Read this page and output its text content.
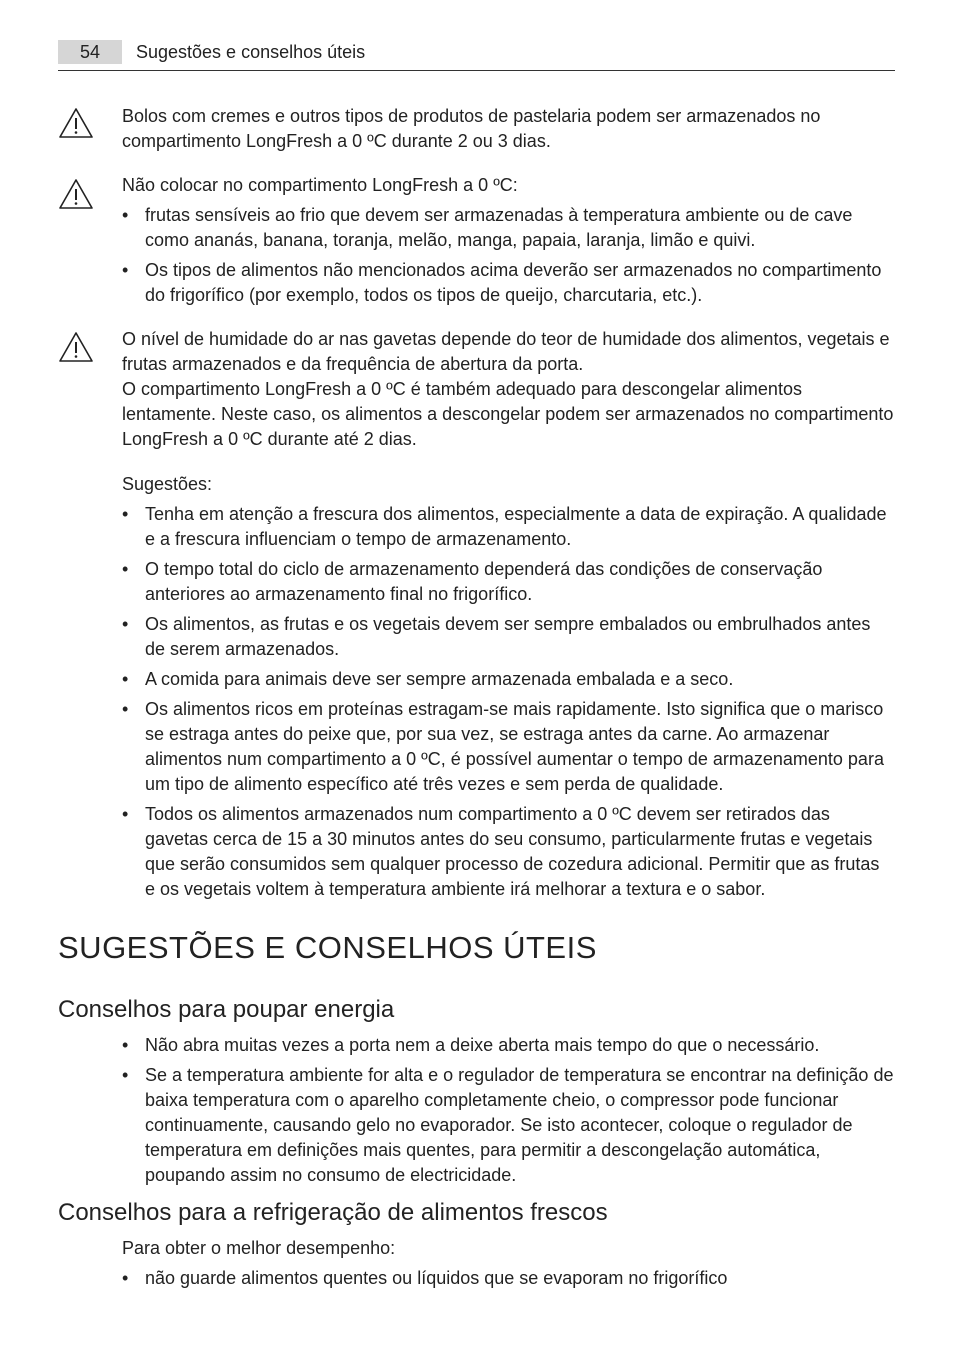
54	Sugestões e conselhos úteis

Bolos com cremes e outros tipos de produtos de pastelaria podem ser armazenados no compartimento LongFresh a 0 ºC durante 2 ou 3 dias.

Não colocar no compartimento LongFresh a 0 ºC:

• frutas sensíveis ao frio que devem ser armazenadas à temperatura ambiente ou de cave como ananás, banana, toranja, melão, manga, papaia, laranja, limão e quivi.
• Os tipos de alimentos não mencionados acima deverão ser armazenados no compartimento do frigorífico (por exemplo, todos os tipos de queijo, charcutaria, etc.).

O nível de humidade do ar nas gavetas depende do teor de humidade dos alimentos, vegetais e frutas armazenados e da frequência de abertura da porta.

O compartimento LongFresh a 0 ºC é também adequado para descongelar alimentos lentamente. Neste caso, os alimentos a descongelar podem ser armazenados no compartimento LongFresh a 0 ºC durante até 2 dias.

Sugestões:

• Tenha em atenção a frescura dos alimentos, especialmente a data de expiração. A qualidade e a frescura influenciam o tempo de armazenamento.
• O tempo total do ciclo de armazenamento dependerá das condições de conservação anteriores ao armazenamento final no frigorífico.
• Os alimentos, as frutas e os vegetais devem ser sempre embalados ou embrulhados antes de serem armazenados.
• A comida para animais deve ser sempre armazenada embalada e a seco.
• Os alimentos ricos em proteínas estragam-se mais rapidamente. Isto significa que o marisco se estraga antes do peixe que, por sua vez, se estraga antes da carne. Ao armazenar alimentos num compartimento a 0 ºC, é possível aumentar o tempo de armazenamento para um tipo de alimento específico até três vezes e sem perda de qualidade.
• Todos os alimentos armazenados num compartimento a 0 ºC devem ser retirados das gavetas cerca de 15 a 30 minutos antes do seu consumo, particularmente frutas e vegetais que serão consumidos sem qualquer processo de cozedura adicional. Permitir que as frutas e os vegetais voltem à temperatura ambiente irá melhorar a textura e o sabor.
SUGESTÕES E CONSELHOS ÚTEIS
Conselhos para poupar energia
• Não abra muitas vezes a porta nem a deixe aberta mais tempo do que o necessário.
• Se a temperatura ambiente for alta e o regulador de temperatura se encontrar na definição de baixa temperatura com o aparelho completamente cheio, o compressor pode funcionar continuamente, causando gelo no evaporador. Se isto acontecer, coloque o regulador de temperatura em definições mais quentes, para permitir a descongelação automática, poupando assim no consumo de electricidade.
Conselhos para a refrigeração de alimentos frescos

Para obter o melhor desempenho:

• não guarde alimentos quentes ou líquidos que se evaporam no frigorífico
